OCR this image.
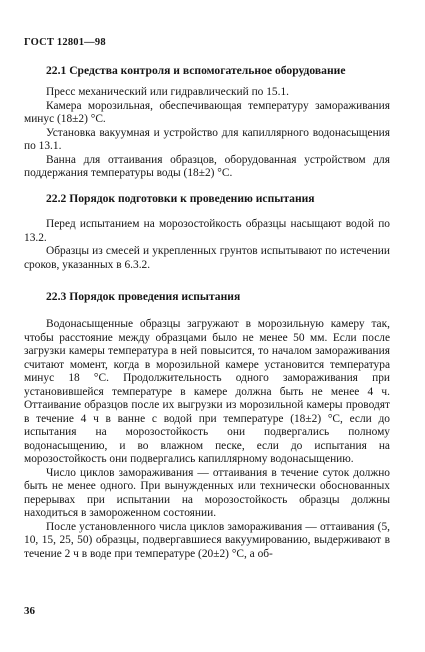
ГОСТ 12801—98
22.1 Средства контроля и вспомогательное оборудование

Пресс механический или гидравлический по 15.1.

Камера морозильная, обеспечивающая температуру замораживания минус (18±2) °С.

Установка вакуумная и устройство для капиллярного водонасыщения по 13.1.

Ванна для оттаивания образцов, оборудованная устройством для поддержания температуры воды (18±2) °С.

22.2 Порядок подготовки к проведению испытания

Перед испытанием на морозостойкость образцы насыщают водой по 13.2.

Образцы из смесей и укрепленных грунтов испытывают по истечении сроков, указанных в 6.3.2.

22.3 Порядок проведения испытания

Водонасыщенные образцы загружают в морозильную камеру так, чтобы расстояние между образцами было не менее 50 мм. Если после загрузки камеры температура в ней повысится, то началом замораживания считают момент, когда в морозильной камере установится температура минус 18 °С. Продолжительность одного замораживания при установившейся температуре в камере должна быть не менее 4 ч. Оттаивание образцов после их выгрузки из морозильной камеры проводят в течение 4 ч в ванне с водой при температуре (18±2) °С, если до испытания на морозостойкость они подвергались полному водонасыщению, и во влажном песке, если до испытания на морозостойкость они подвергались капиллярному водонасыщению.

Число циклов замораживания — оттаивания в течение суток должно быть не менее одного. При вынужденных или технически обоснованных перерывах при испытании на морозостойкость образцы должны находиться в замороженном состоянии.

После установленного числа циклов замораживания — оттаивания (5, 10, 15, 25, 50) образцы, подвергавшиеся вакуумированию, выдерживают в течение 2 ч в воде при температуре (20±2) °С, а об-

36
